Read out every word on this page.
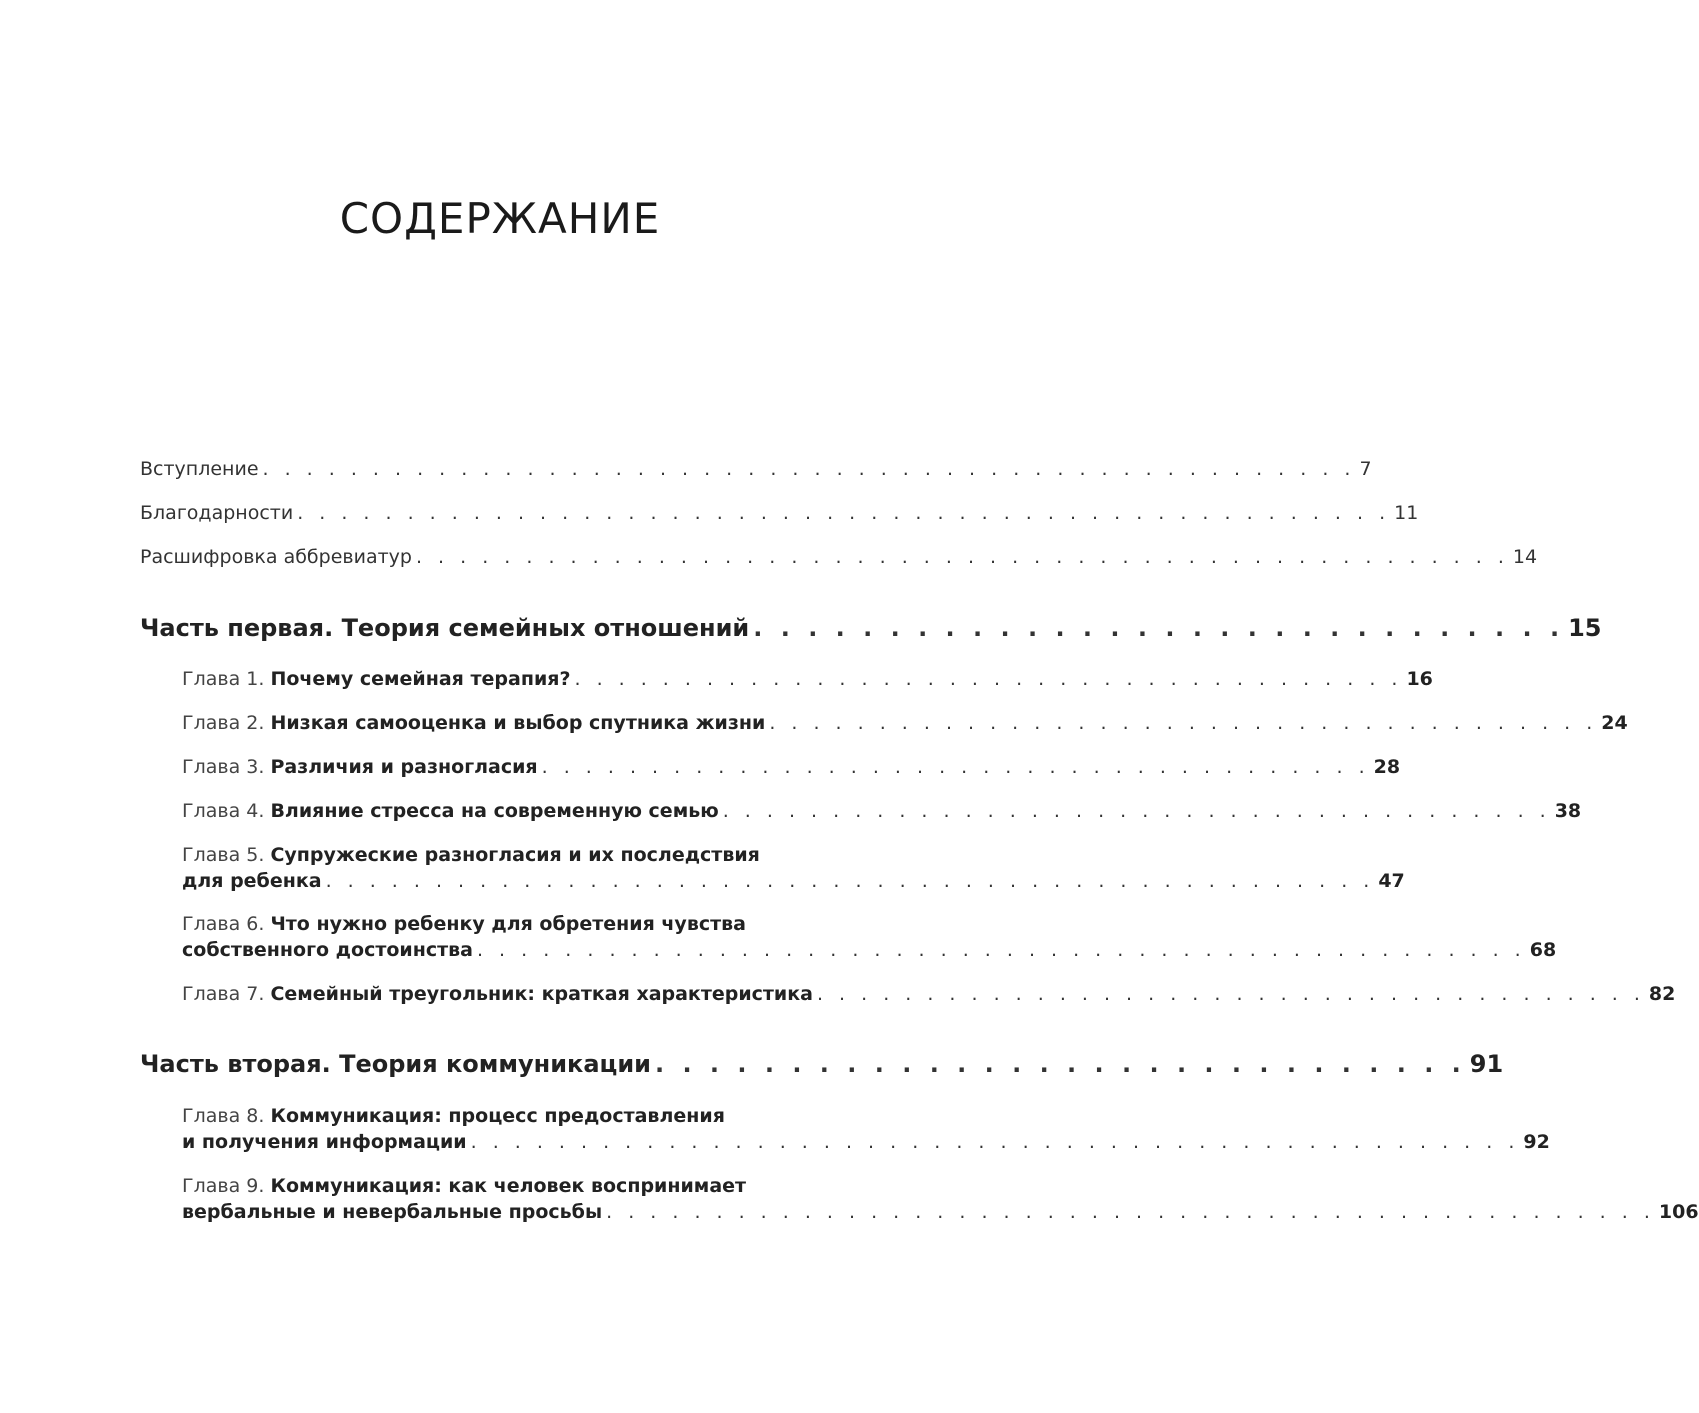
СОДЕРЖАНИЕ
Вступление . . . . . . . . . . . . . . . . . . . . . . . . . . . . . . . . . . . . . . . . . . . . . . . . . . 7
Благодарности . . . . . . . . . . . . . . . . . . . . . . . . . . . . . . . . . . . . . . . . . . . . . . . . . . 11
Расшифровка аббревиатур . . . . . . . . . . . . . . . . . . . . . . . . . . . . . . . . . . . . . . . . . . . . . . . . . . 14
Часть первая. Теория семейных отношений . . . . . . . . . . . . . . . . . . . . . . . . . . . . . . 15
Глава 1. Почему семейная терапия? . . . . . . . . . . . . . . . . . . . . . . . . . . . . . . . . . . . . . . 16
Глава 2. Низкая самооценка и выбор спутника жизни . . . . . . . . . . . . . . . . . . . . . . . . . . . . . . . . . . . . . . 24
Глава 3. Различия и разногласия . . . . . . . . . . . . . . . . . . . . . . . . . . . . . . . . . . . . . . 28
Глава 4. Влияние стресса на современную семью . . . . . . . . . . . . . . . . . . . . . . . . . . . . . . . . . . . . . . 38
Глава 5. Супружеские разногласия и их последствия
для ребенка . . . . . . . . . . . . . . . . . . . . . . . . . . . . . . . . . . . . . . . . . . . . . . . . 47
Глава 6. Что нужно ребенку для обретения чувства
собственного достоинства . . . . . . . . . . . . . . . . . . . . . . . . . . . . . . . . . . . . . . . . . . . . . . . . 68
Глава 7. Семейный треугольник: краткая характеристика . . . . . . . . . . . . . . . . . . . . . . . . . . . . . . . . . . . . . . 82
Часть вторая. Теория коммуникации . . . . . . . . . . . . . . . . . . . . . . . . . . . . . . 91
Глава 8. Коммуникация: процесс предоставления
и получения информации . . . . . . . . . . . . . . . . . . . . . . . . . . . . . . . . . . . . . . . . . . . . . . . . 92
Глава 9. Коммуникация: как человек воспринимает
вербальные и невербальные просьбы . . . . . . . . . . . . . . . . . . . . . . . . . . . . . . . . . . . . . . . . . . . . . . . . 106
